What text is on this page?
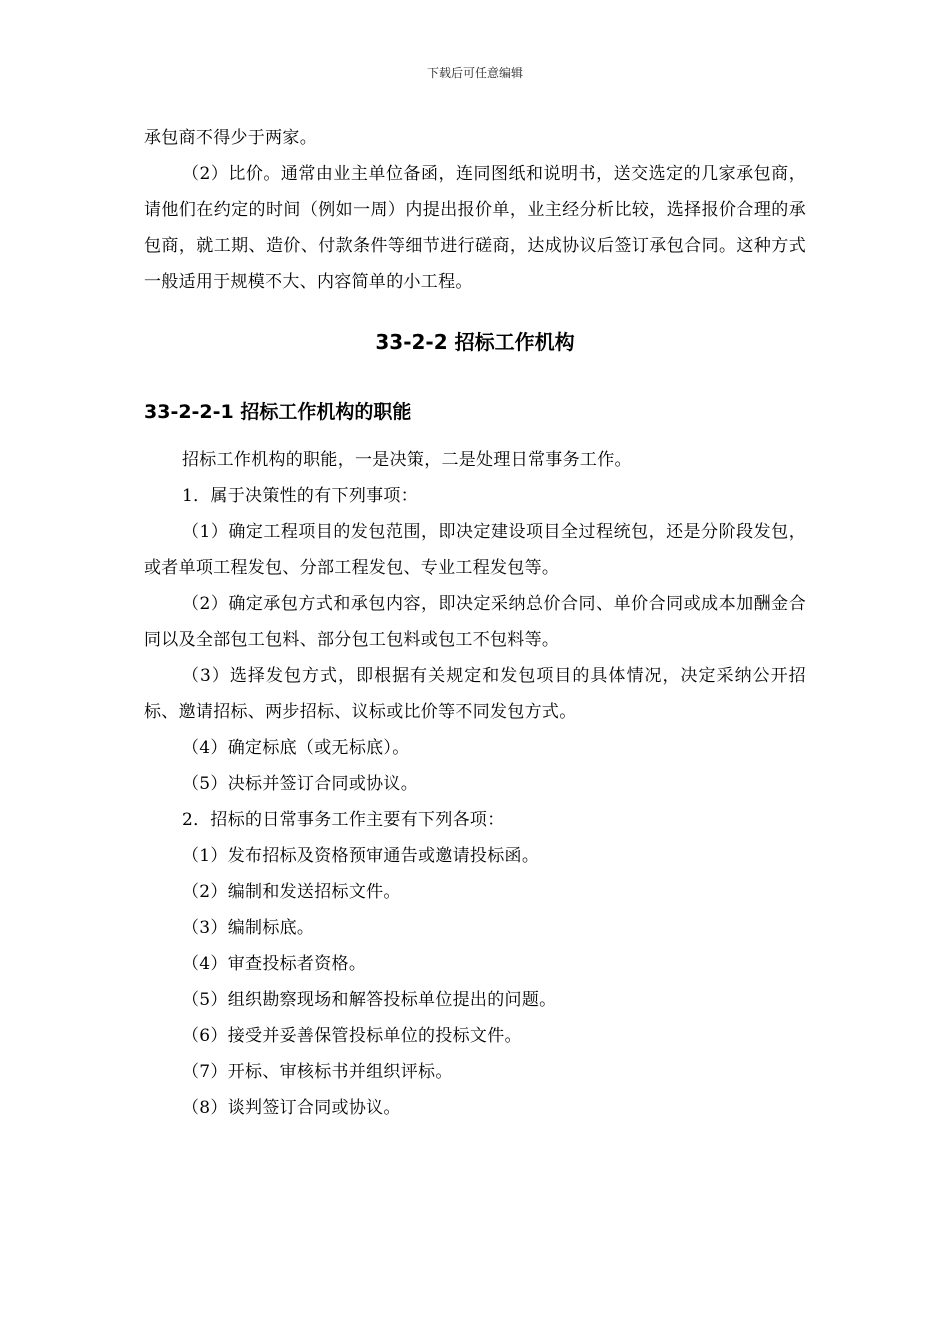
下载后可任意编辑

承包商不得少于两家。

（2）比价。通常由业主单位备函，连同图纸和说明书，送交选定的几家承包商，请他们在约定的时间（例如一周）内提出报价单，业主经分析比较，选择报价合理的承包商，就工期、造价、付款条件等细节进行磋商，达成协议后签订承包合同。这种方式一般适用于规模不大、内容简单的小工程。

33-2-2 招标工作机构
33-2-2-1 招标工作机构的职能

招标工作机构的职能，一是决策，二是处理日常事务工作。

1．属于决策性的有下列事项：

（1）确定工程项目的发包范围，即决定建设项目全过程统包，还是分阶段发包，或者单项工程发包、分部工程发包、专业工程发包等。

（2）确定承包方式和承包内容，即决定采纳总价合同、单价合同或成本加酬金合同以及全部包工包料、部分包工包料或包工不包料等。

（3）选择发包方式，即根据有关规定和发包项目的具体情况，决定采纳公开招标、邀请招标、两步招标、议标或比价等不同发包方式。

（4）确定标底（或无标底）。

（5）决标并签订合同或协议。

2．招标的日常事务工作主要有下列各项：

（1）发布招标及资格预审通告或邀请投标函。

（2）编制和发送招标文件。

（3）编制标底。

（4）审查投标者资格。

（5）组织勘察现场和解答投标单位提出的问题。

（6）接受并妥善保管投标单位的投标文件。

（7）开标、审核标书并组织评标。

（8）谈判签订合同或协议。
